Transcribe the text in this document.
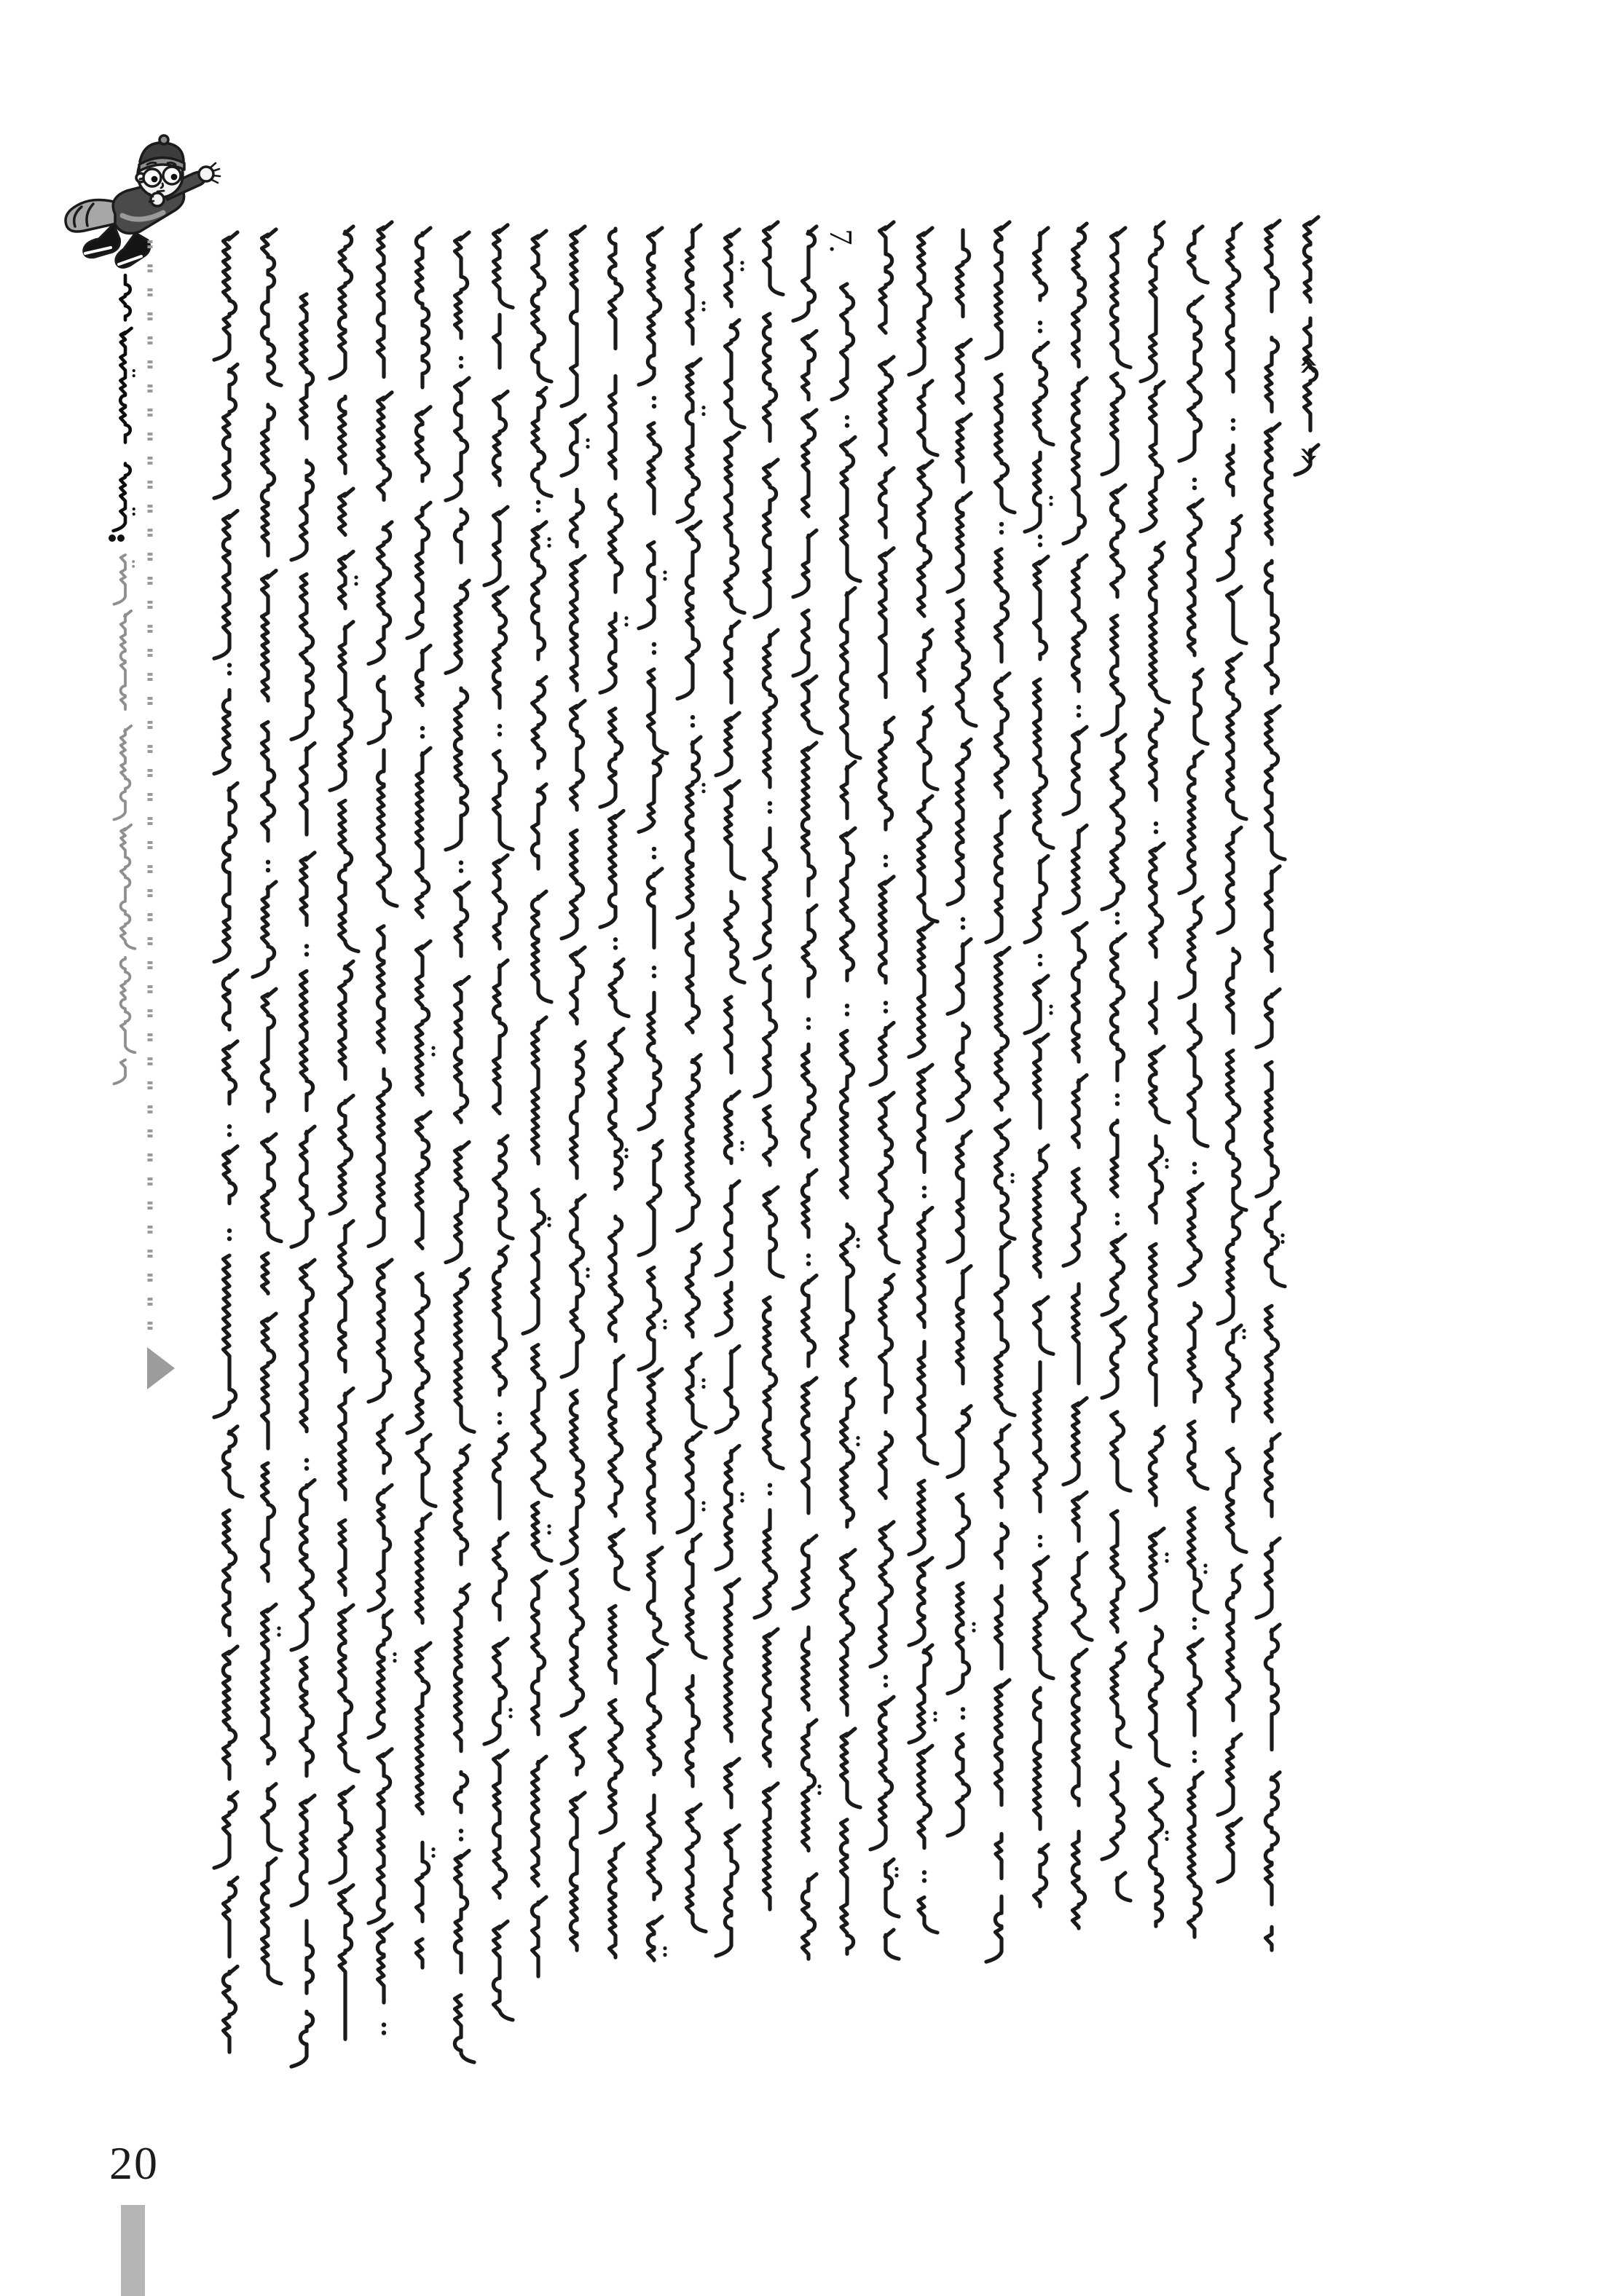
7.
«
»
20
